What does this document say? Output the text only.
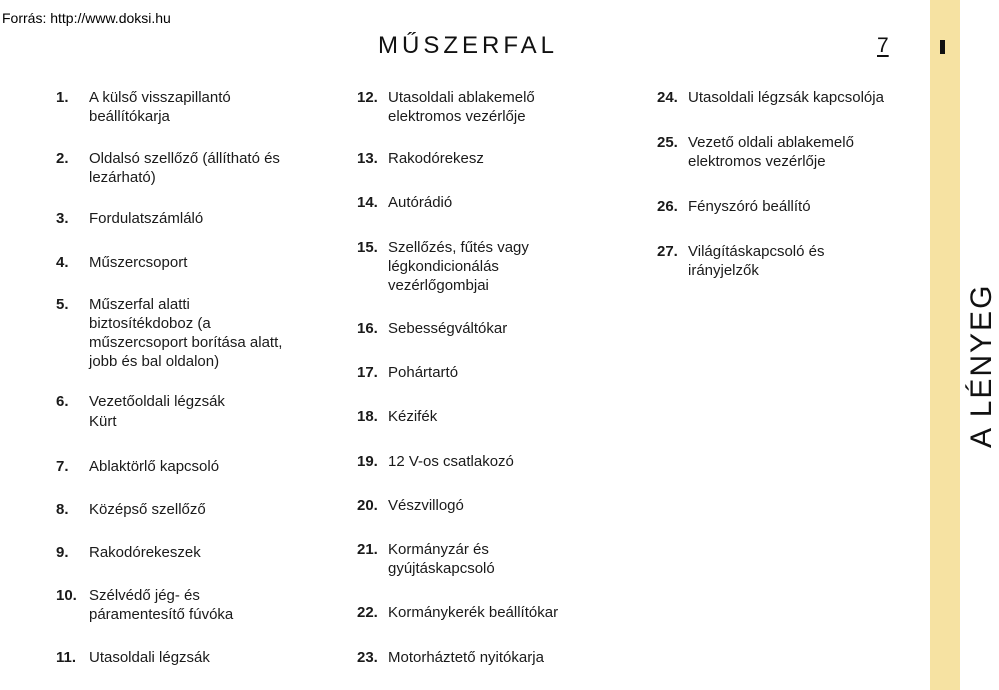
Forrás: http://www.doksi.hu
MŰSZERFAL	7
A LÉNYEG
1.	A külső visszapillantó
beállítókarja
2.	Oldalsó szellőző (állítható és
lezárható)
3.	Fordulatszámláló
4.	Műszercsoport
5.	Műszerfal alatti
biztosítékdoboz (a
műszercsoport borítása alatt,
jobb és bal oldalon)
6.	Vezetőoldali légzsák
Kürt
7.	Ablaktörlő kapcsoló
8.	Középső szellőző
9.	Rakodórekeszek
10. Szélvédő jég- és
páramentesítő fúvóka
11. Utasoldali légzsák
12. Utasoldali ablakemelő
elektromos vezérlője
13. Rakodórekesz
14. Autórádió
15. Szellőzés, fűtés vagy
légkondicionálás
vezérlőgombjai
16. Sebességváltókar
17. Pohártartó
18. Kézifék
19. 12 V-os csatlakozó
20. Vészvillogó
21. Kormányzár és
gyújtáskapcsoló
22. Kormánykerék beállítókar
23. Motorháztető nyitókarja
24. Utasoldali légzsák kapcsolója
25. Vezető oldali ablakemelő
elektromos vezérlője
26. Fényszóró beállító
27. Világításkapcsoló és
irányjelzők
